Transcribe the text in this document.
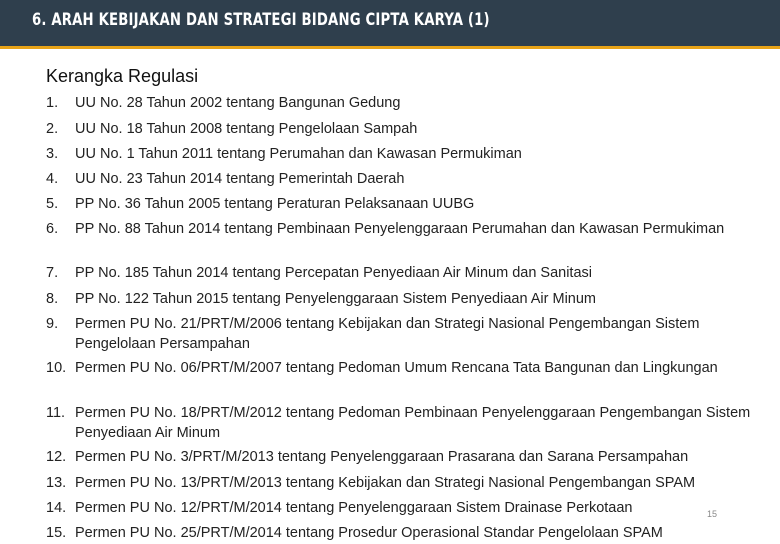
6. ARAH KEBIJAKAN DAN STRATEGI BIDANG CIPTA KARYA (1)
Kerangka Regulasi
1. UU No. 28 Tahun 2002 tentang Bangunan Gedung
2. UU No. 18 Tahun 2008 tentang Pengelolaan Sampah
3. UU No. 1 Tahun 2011 tentang Perumahan dan Kawasan Permukiman
4. UU No. 23 Tahun 2014 tentang Pemerintah Daerah
5. PP No. 36 Tahun 2005 tentang Peraturan Pelaksanaan UUBG
6. PP No. 88 Tahun 2014 tentang Pembinaan Penyelenggaraan Perumahan dan Kawasan Permukiman
7. PP No. 185 Tahun 2014 tentang Percepatan Penyediaan Air Minum dan Sanitasi
8. PP No. 122 Tahun 2015 tentang Penyelenggaraan Sistem Penyediaan Air Minum
9. Permen PU No. 21/PRT/M/2006 tentang Kebijakan dan Strategi Nasional Pengembangan Sistem Pengelolaan Persampahan
10. Permen PU No. 06/PRT/M/2007 tentang Pedoman Umum Rencana Tata Bangunan dan Lingkungan
11. Permen PU No. 18/PRT/M/2012 tentang Pedoman Pembinaan Penyelenggaraan Pengembangan Sistem Penyediaan Air Minum
12. Permen PU No. 3/PRT/M/2013 tentang Penyelenggaraan Prasarana dan Sarana Persampahan
13. Permen PU No. 13/PRT/M/2013 tentang Kebijakan dan Strategi Nasional Pengembangan SPAM
14. Permen PU No. 12/PRT/M/2014 tentang Penyelenggaraan Sistem Drainase Perkotaan
15. Permen PU No. 25/PRT/M/2014 tentang Prosedur Operasional Standar Pengelolaan SPAM
15
